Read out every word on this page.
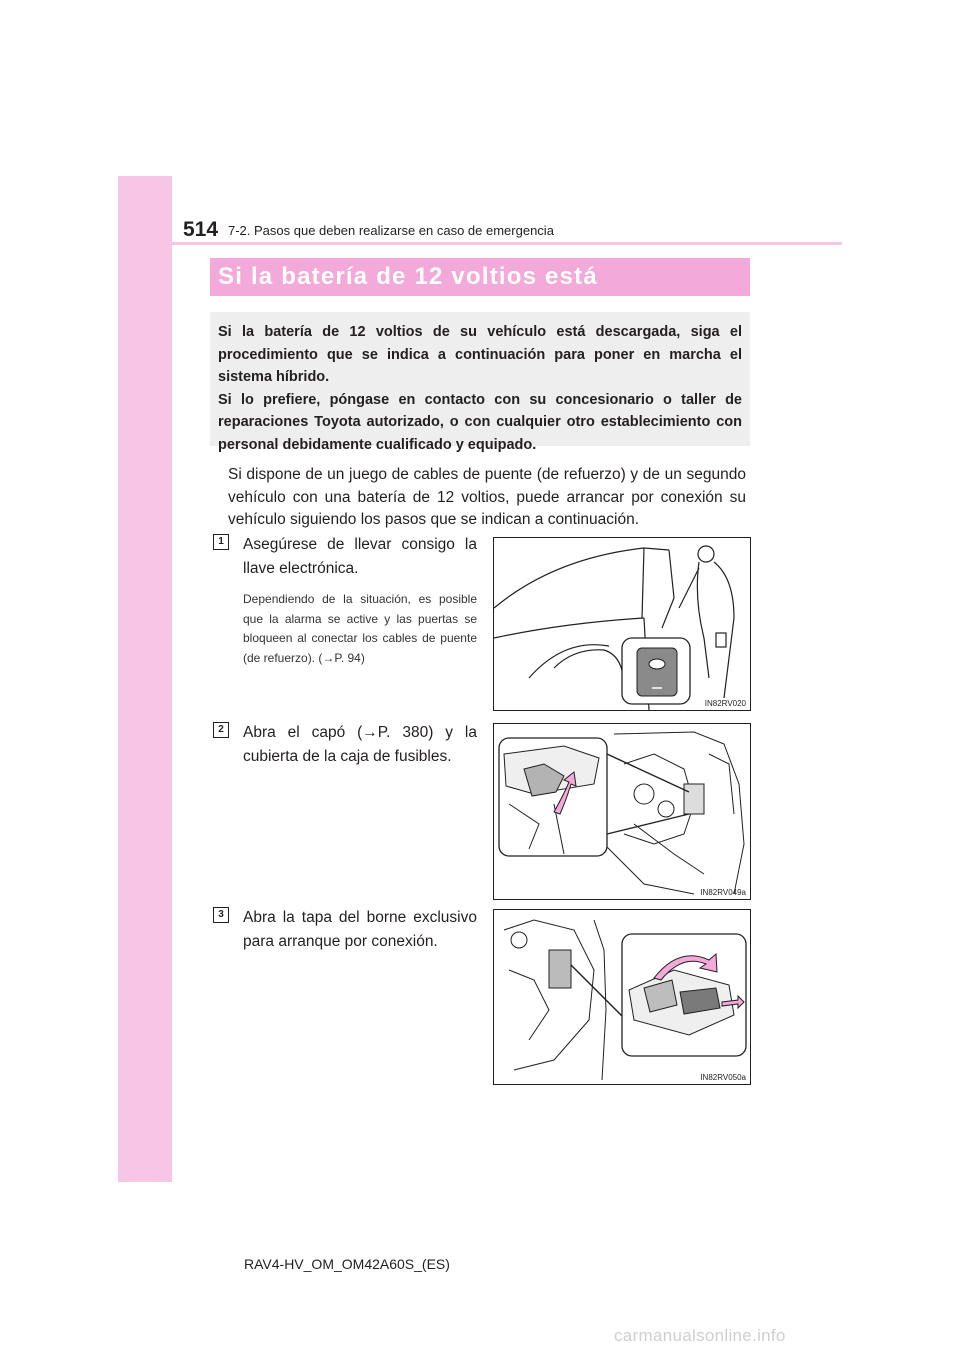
514 7-2. Pasos que deben realizarse en caso de emergencia
Si la batería de 12 voltios está

Si la batería de 12 voltios de su vehículo está descargada, siga el procedimiento que se indica a continuación para poner en marcha el sistema híbrido.

Si lo prefiere, póngase en contacto con su concesionario o taller de reparaciones Toyota autorizado, o con cualquier otro establecimiento con personal debidamente cualificado y equipado.

Si dispone de un juego de cables de puente (de refuerzo) y de un segundo vehículo con una batería de 12 voltios, puede arrancar por conexión su vehículo siguiendo los pasos que se indican a continuación.

1	Asegúrese de llevar consigo la llave electrónica.

Dependiendo de la situación, es posible que la alarma se active y las puertas se bloqueen al conectar los cables de puente (de refuerzo). (→P. 94)

IN82RV020
2	Abra el capó (→P. 380) y la cubierta de la caja de fusibles.

IN82RV049a
3	Abra la tapa del borne exclusivo para arranque por conexión.

IN82RV050a
RAV4-HV_OM_OM42A60S_(ES)
carmanualsonline.info
